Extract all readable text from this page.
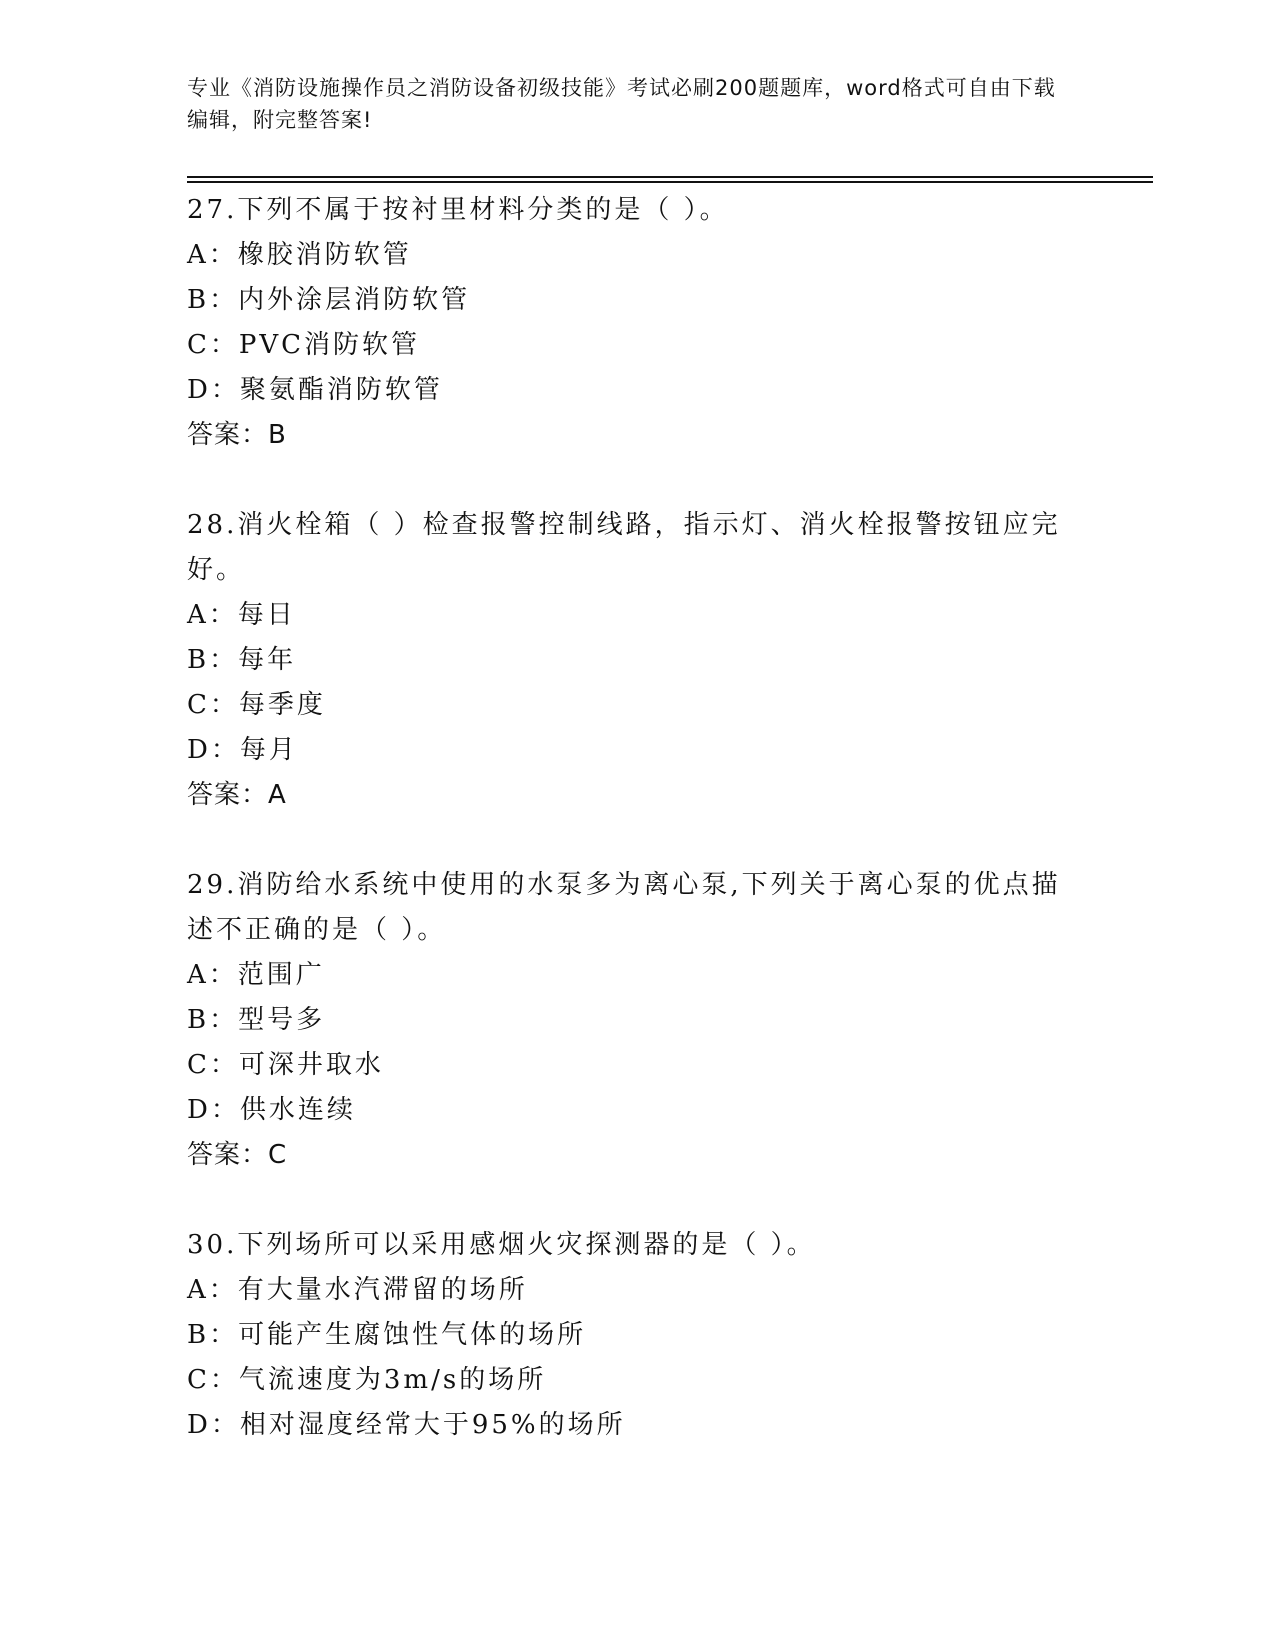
专业《消防设施操作员之消防设备初级技能》考试必刷200题题库，word格式可自由下载编辑，附完整答案!
27.下列不属于按衬里材料分类的是（ ）。
A：橡胶消防软管
B：内外涂层消防软管
C：PVC消防软管
D：聚氨酯消防软管
答案：B
28.消火栓箱（ ）检查报警控制线路，指示灯、消火栓报警按钮应完好。
A：每日
B：每年
C：每季度
D：每月
答案：A
29.消防给水系统中使用的水泵多为离心泵,下列关于离心泵的优点描述不正确的是（ ）。
A：范围广
B：型号多
C：可深井取水
D：供水连续
答案：C
30.下列场所可以采用感烟火灾探测器的是（ ）。
A：有大量水汽滞留的场所
B：可能产生腐蚀性气体的场所
C：气流速度为3m/s的场所
D：相对湿度经常大于95%的场所
